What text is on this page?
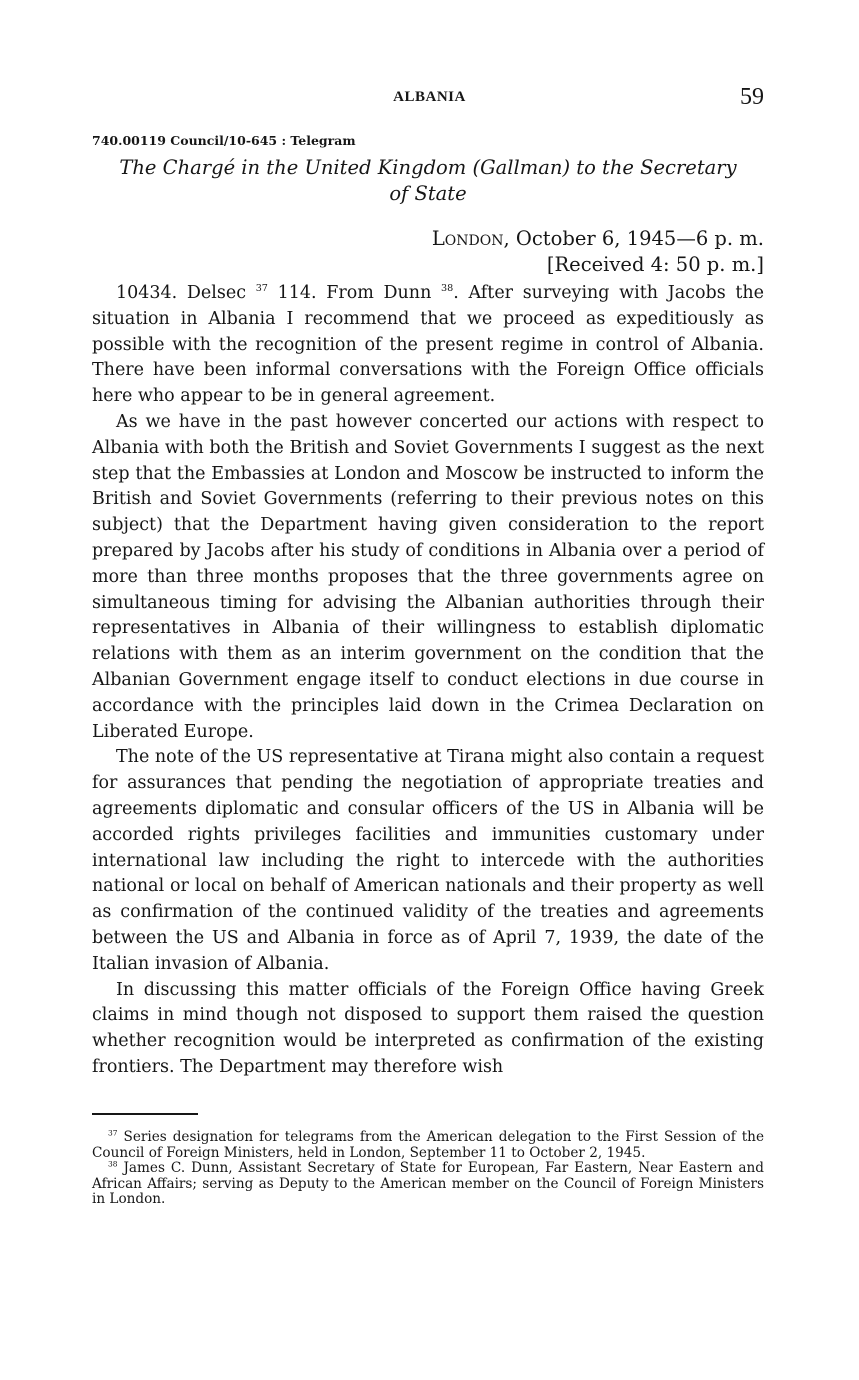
ALBANIA	59
740.00119 Council/10-645 : Telegram
The Chargé in the United Kingdom (Gallman) to the Secretary
of State
London, October 6, 1945—6 p. m.
[Received 4: 50 p. m.]

10434. Delsec $^{37}$ 114. From Dunn $^{38}$. After surveying with Jacobs the situation in Albania I recommend that we proceed as expeditiously as possible with the recognition of the present regime in control of Albania. There have been informal conversations with the Foreign Office officials here who appear to be in general agreement.

As we have in the past however concerted our actions with respect to Albania with both the British and Soviet Governments I suggest as the next step that the Embassies at London and Moscow be instructed to inform the British and Soviet Governments (referring to their previous notes on this subject) that the Department having given consideration to the report prepared by Jacobs after his study of conditions in Albania over a period of more than three months proposes that the three governments agree on simultaneous timing for advising the Albanian authorities through their representatives in Albania of their willingness to establish diplomatic relations with them as an interim government on the condition that the Albanian Government engage itself to conduct elections in due course in accordance with the principles laid down in the Crimea Declaration on Liberated Europe.

The note of the US representative at Tirana might also contain a request for assurances that pending the negotiation of appropriate treaties and agreements diplomatic and consular officers of the US in Albania will be accorded rights privileges facilities and immunities customary under international law including the right to intercede with the authorities national or local on behalf of American nationals and their property as well as confirmation of the continued validity of the treaties and agreements between the US and Albania in force as of April 7, 1939, the date of the Italian invasion of Albania.

In discussing this matter officials of the Foreign Office having Greek claims in mind though not disposed to support them raised the question whether recognition would be interpreted as confirmation of the existing frontiers. The Department may therefore wish

$^{37}$ Series designation for telegrams from the American delegation to the First Session of the Council of Foreign Ministers, held in London, September 11 to October 2, 1945.

$^{38}$ James C. Dunn, Assistant Secretary of State for European, Far Eastern, Near Eastern and African Affairs; serving as Deputy to the American member on the Council of Foreign Ministers in London.
